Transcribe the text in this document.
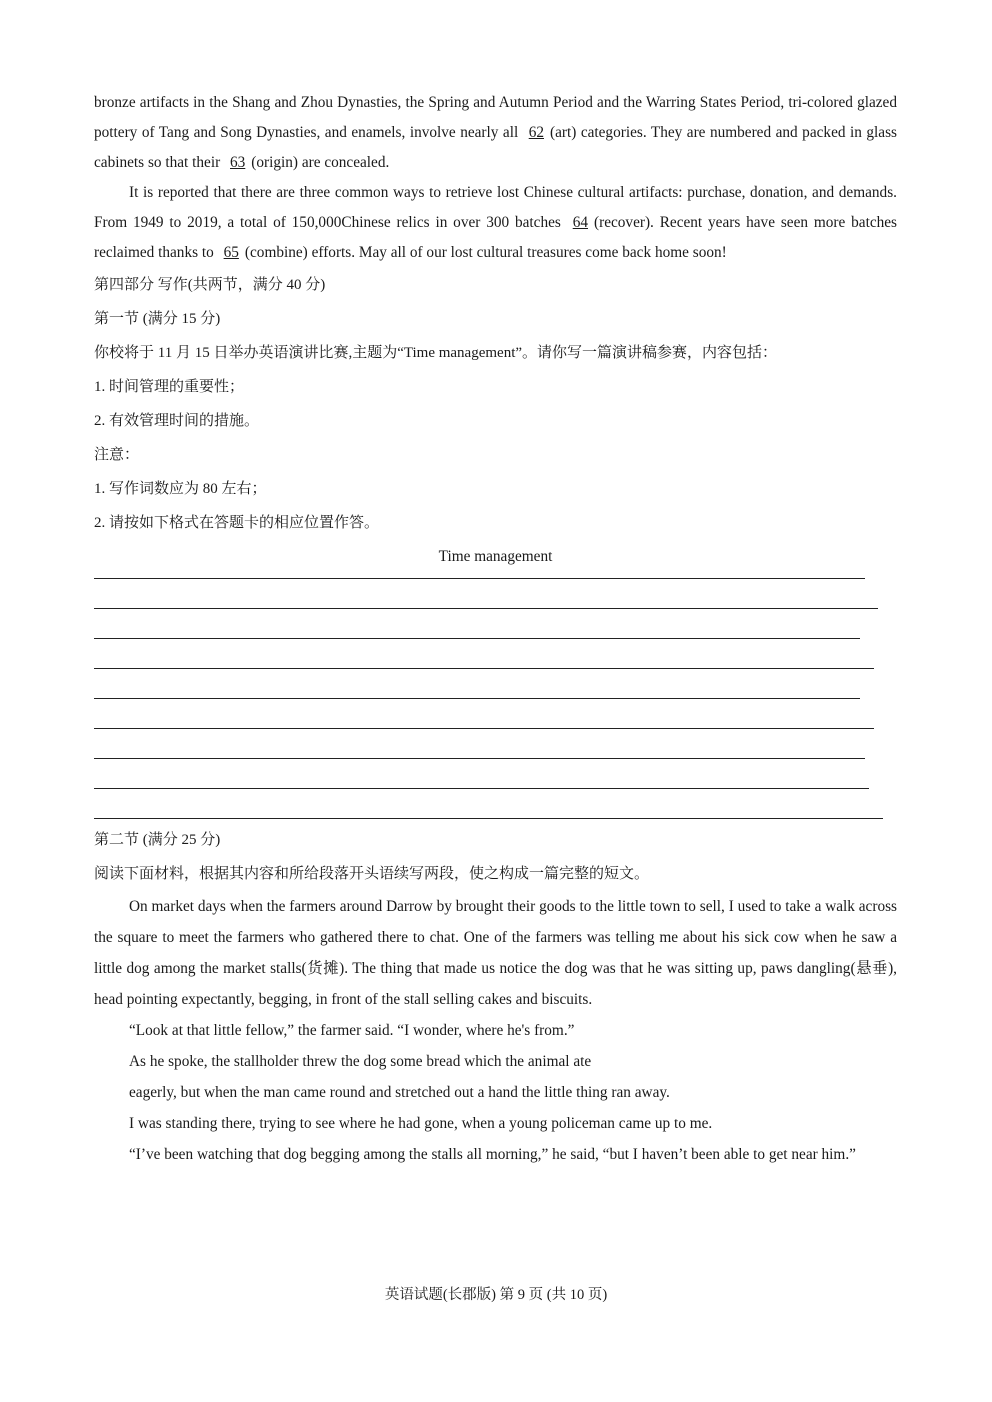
bronze artifacts in the Shang and Zhou Dynasties, the Spring and Autumn Period and the Warring States Period, tri-colored glazed pottery of Tang and Song Dynasties, and enamels, involve nearly all 62 (art) categories. They are numbered and packed in glass cabinets so that their 63 (origin) are concealed.

It is reported that there are three common ways to retrieve lost Chinese cultural artifacts: purchase, donation, and demands. From 1949 to 2019, a total of 150,000Chinese relics in over 300 batches 64 (recover). Recent years have seen more batches reclaimed thanks to 65 (combine) efforts. May all of our lost cultural treasures come back home soon!

第四部分 写作(共两节，满分 40 分)

第一节 (满分 15 分)

你校将于 11 月 15 日举办英语演讲比赛,主题为“Time management”。请你写一篇演讲稿参赛，内容包括：

1. 时间管理的重要性；

2. 有效管理时间的措施。

注意：

1. 写作词数应为 80 左右；

2. 请按如下格式在答题卡的相应位置作答。

Time management

第二节 (满分 25 分)

阅读下面材料，根据其内容和所给段落开头语续写两段，使之构成一篇完整的短文。

On market days when the farmers around Darrow by brought their goods to the little town to sell, I used to take a walk across the square to meet the farmers who gathered there to chat. One of the farmers was telling me about his sick cow when he saw a little dog among the market stalls(货摊). The thing that made us notice the dog was that he was sitting up, paws dangling(悬垂), head pointing expectantly, begging, in front of the stall selling cakes and biscuits.

“Look at that little fellow,” the farmer said. “I wonder, where he's from.”

As he spoke, the stallholder threw the dog some bread which the animal ate

eagerly, but when the man came round and stretched out a hand the little thing ran away.

I was standing there, trying to see where he had gone, when a young policeman came up to me.

“I’ve been watching that dog begging among the stalls all morning,” he said, “but I haven’t been able to get near him.”

英语试题(长郡版) 第 9 页 (共 10 页)
